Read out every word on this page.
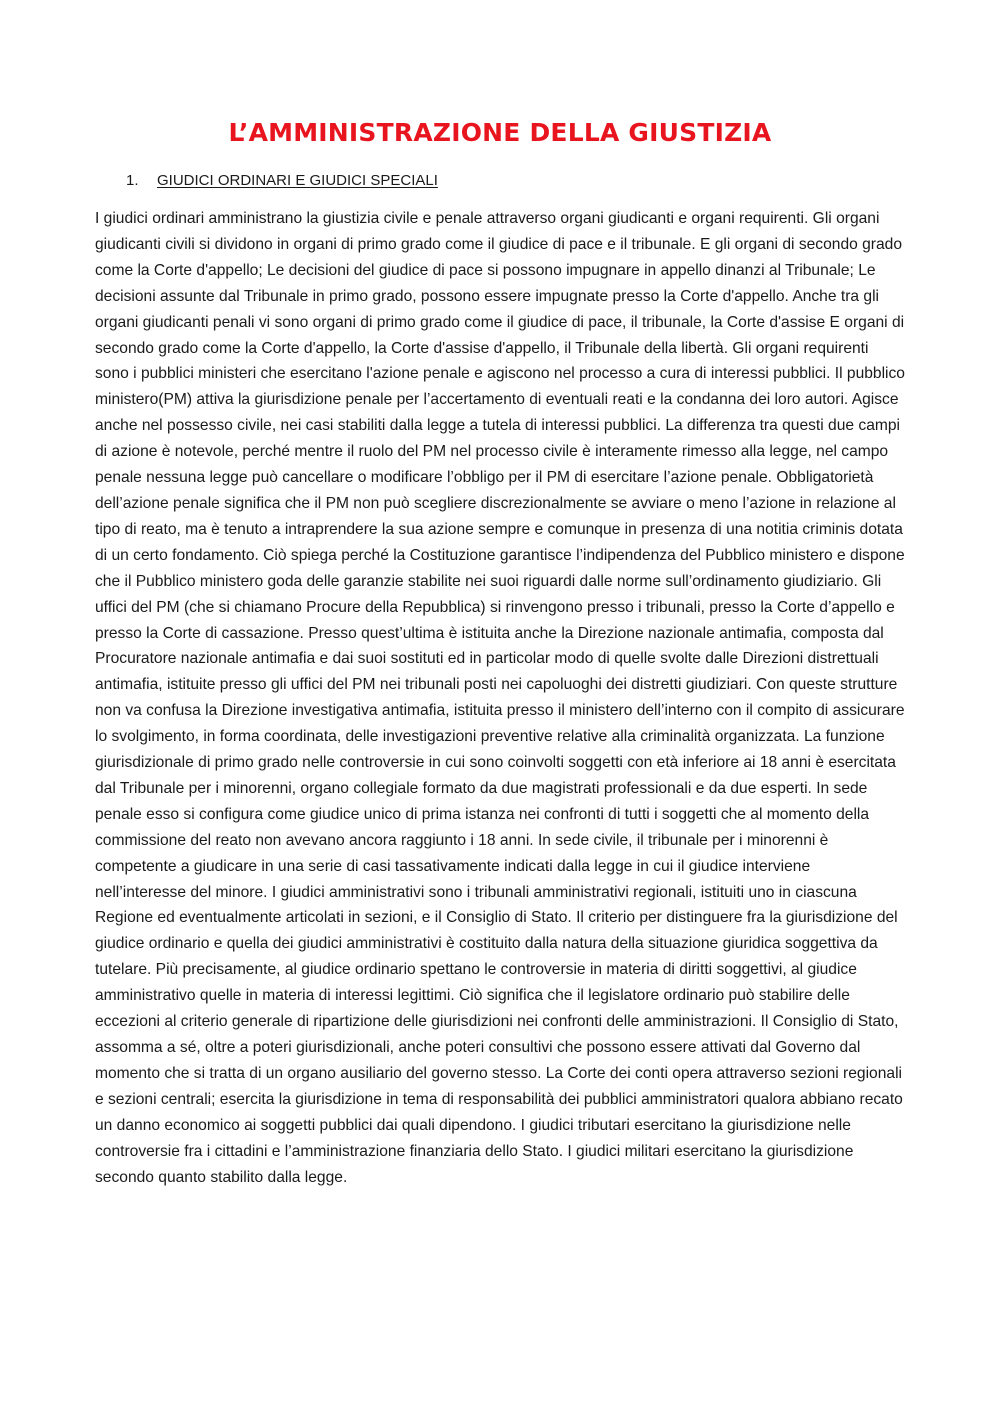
L’AMMINISTRAZIONE DELLA GIUSTIZIA
1. GIUDICI ORDINARI E GIUDICI SPECIALI

I giudici ordinari amministrano la giustizia civile e penale attraverso organi giudicanti e organi requirenti. Gli organi giudicanti civili si dividono in organi di primo grado come il giudice di pace e il tribunale. E gli organi di secondo grado come la Corte d'appello; Le decisioni del giudice di pace si possono impugnare in appello dinanzi al Tribunale; Le decisioni assunte dal Tribunale in primo grado, possono essere impugnate presso la Corte d'appello. Anche tra gli organi giudicanti penali vi sono organi di primo grado come il giudice di pace, il tribunale, la Corte d'assise E organi di secondo grado come la Corte d'appello, la Corte d'assise d'appello, il Tribunale della libertà. Gli organi requirenti sono i pubblici ministeri che esercitano l'azione penale e agiscono nel processo a cura di interessi pubblici. Il pubblico ministero(PM) attiva la giurisdizione penale per l’accertamento di eventuali reati e la condanna dei loro autori. Agisce anche nel possesso civile, nei casi stabiliti dalla legge a tutela di interessi pubblici. La differenza tra questi due campi di azione è notevole, perché mentre il ruolo del PM nel processo civile è interamente rimesso alla legge, nel campo penale nessuna legge può cancellare o modificare l’obbligo per il PM di esercitare l’azione penale. Obbligatorietà dell’azione penale significa che il PM non può scegliere discrezionalmente se avviare o meno l’azione in relazione al tipo di reato, ma è tenuto a intraprendere la sua azione sempre e comunque in presenza di una notitia criminis dotata di un certo fondamento. Ciò spiega perché la Costituzione garantisce l’indipendenza del Pubblico ministero e dispone che il Pubblico ministero goda delle garanzie stabilite nei suoi riguardi dalle norme sull’ordinamento giudiziario. Gli uffici del PM (che si chiamano Procure della Repubblica) si rinvengono presso i tribunali, presso la Corte d’appello e presso la Corte di cassazione. Presso quest’ultima è istituita anche la Direzione nazionale antimafia, composta dal Procuratore nazionale antimafia e dai suoi sostituti ed in particolar modo di quelle svolte dalle Direzioni distrettuali antimafia, istituite presso gli uffici del PM nei tribunali posti nei capoluoghi dei distretti giudiziari. Con queste strutture non va confusa la Direzione investigativa antimafia, istituita presso il ministero dell’interno con il compito di assicurare lo svolgimento, in forma coordinata, delle investigazioni preventive relative alla criminalità organizzata. La funzione giurisdizionale di primo grado nelle controversie in cui sono coinvolti soggetti con età inferiore ai 18 anni è esercitata dal Tribunale per i minorenni, organo collegiale formato da due magistrati professionali e da due esperti. In sede penale esso si configura come giudice unico di prima istanza nei confronti di tutti i soggetti che al momento della commissione del reato non avevano ancora raggiunto i 18 anni. In sede civile, il tribunale per i minorenni è competente a giudicare in una serie di casi tassativamente indicati dalla legge in cui il giudice interviene nell’interesse del minore. I giudici amministrativi sono i tribunali amministrativi regionali, istituiti uno in ciascuna Regione ed eventualmente articolati in sezioni, e il Consiglio di Stato. Il criterio per distinguere fra la giurisdizione del giudice ordinario e quella dei giudici amministrativi è costituito dalla natura della situazione giuridica soggettiva da tutelare. Più precisamente, al giudice ordinario spettano le controversie in materia di diritti soggettivi, al giudice amministrativo quelle in materia di interessi legittimi. Ciò significa che il legislatore ordinario può stabilire delle eccezioni al criterio generale di ripartizione delle giurisdizioni nei confronti delle amministrazioni. Il Consiglio di Stato, assomma a sé, oltre a poteri giurisdizionali, anche poteri consultivi che possono essere attivati dal Governo dal momento che si tratta di un organo ausiliario del governo stesso. La Corte dei conti opera attraverso sezioni regionali e sezioni centrali; esercita la giurisdizione in tema di responsabilità dei pubblici amministratori qualora abbiano recato un danno economico ai soggetti pubblici dai quali dipendono. I giudici tributari esercitano la giurisdizione nelle controversie fra i cittadini e l’amministrazione finanziaria dello Stato. I giudici militari esercitano la giurisdizione secondo quanto stabilito dalla legge.
